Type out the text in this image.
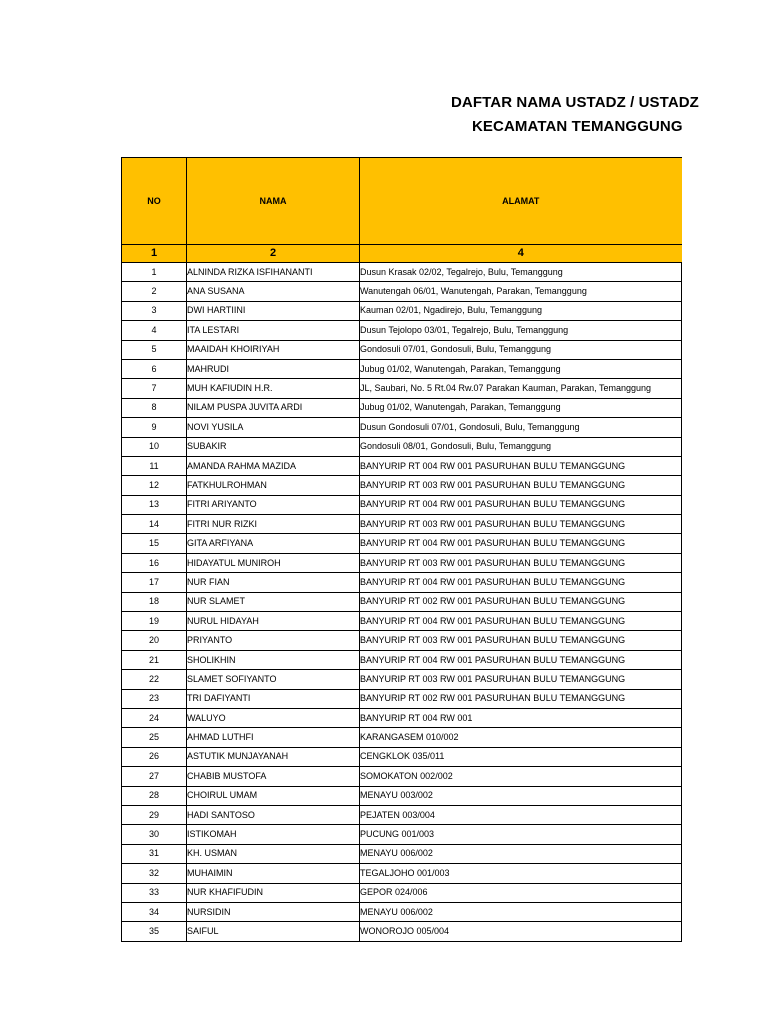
DAFTAR NAMA USTADZ / USTADZ
KECAMATAN TEMANGGUNG
NO	NAMA	ALAMAT
1	2	4
1	ALNINDA RIZKA ISFIHANANTI	Dusun Krasak 02/02, Tegalrejo, Bulu, Temanggung
2	ANA SUSANA	Wanutengah 06/01, Wanutengah, Parakan, Temanggung
3	DWI HARTIINI	Kauman 02/01, Ngadirejo, Bulu, Temanggung
4	ITA LESTARI	Dusun Tejolopo 03/01, Tegalrejo, Bulu, Temanggung
5	MAAIDAH KHOIRIYAH	Gondosuli 07/01, Gondosuli, Bulu, Temanggung
6	MAHRUDI	Jubug 01/02, Wanutengah, Parakan, Temanggung
7	MUH KAFIUDIN H.R.	JL, Saubari, No. 5 Rt.04 Rw.07 Parakan Kauman, Parakan, Temanggung
8	NILAM PUSPA JUVITA ARDI	Jubug 01/02, Wanutengah, Parakan, Temanggung
9	NOVI YUSILA	Dusun Gondosuli 07/01, Gondosuli, Bulu, Temanggung
10	SUBAKIR	Gondosuli 08/01, Gondosuli, Bulu, Temanggung
11	AMANDA RAHMA MAZIDA	BANYURIP RT 004 RW 001 PASURUHAN BULU TEMANGGUNG
12	FATKHULROHMAN	BANYURIP RT 003 RW 001 PASURUHAN BULU TEMANGGUNG
13	FITRI ARIYANTO	BANYURIP RT 004 RW 001 PASURUHAN BULU TEMANGGUNG
14	FITRI NUR RIZKI	BANYURIP RT 003 RW 001 PASURUHAN BULU TEMANGGUNG
15	GITA ARFIYANA	BANYURIP RT 004 RW 001 PASURUHAN BULU TEMANGGUNG
16	HIDAYATUL MUNIROH	BANYURIP RT 003 RW 001 PASURUHAN BULU TEMANGGUNG
17	NUR FIAN	BANYURIP RT 004 RW 001 PASURUHAN BULU TEMANGGUNG
18	NUR SLAMET	BANYURIP RT 002 RW 001 PASURUHAN BULU TEMANGGUNG
19	NURUL HIDAYAH	BANYURIP RT 004 RW 001 PASURUHAN BULU TEMANGGUNG
20	PRIYANTO	BANYURIP RT 003 RW 001 PASURUHAN BULU TEMANGGUNG
21	SHOLIKHIN	BANYURIP RT 004 RW 001 PASURUHAN BULU TEMANGGUNG
22	SLAMET SOFIYANTO	BANYURIP RT 003 RW 001 PASURUHAN BULU TEMANGGUNG
23	TRI DAFIYANTI	BANYURIP RT 002 RW 001 PASURUHAN BULU TEMANGGUNG
24	WALUYO	BANYURIP RT 004 RW 001
25	AHMAD LUTHFI	KARANGASEM 010/002
26	ASTUTIK MUNJAYANAH	CENGKLOK 035/011
27	CHABIB MUSTOFA	SOMOKATON 002/002
28	CHOIRUL UMAM	MENAYU 003/002
29	HADI SANTOSO	PEJATEN 003/004
30	ISTIKOMAH	PUCUNG 001/003
31	KH. USMAN	MENAYU 006/002
32	MUHAIMIN	TEGALJOHO 001/003
33	NUR KHAFIFUDIN	GEPOR 024/006
34	NURSIDIN	MENAYU 006/002
35	SAIFUL	WONOROJO 005/004
